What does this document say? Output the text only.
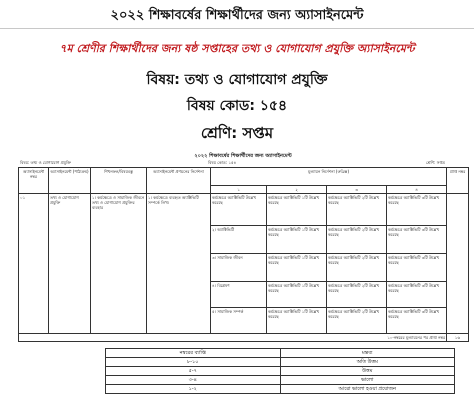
২০২২ শিক্ষাবর্ষের শিক্ষার্থীদের জন্য অ্যাসাইনমেন্ট
৭ম শ্রেণীর শিক্ষার্থীদের জন্য ষষ্ঠ সপ্তাহের তথ্য ও যোগাযোগ প্রযুক্তি অ্যাসাইনমেন্ট
বিষয়: তথ্য ও যোগাযোগ প্রযুক্তি
বিষয় কোড: ১৫৪
শ্রেণি: সপ্তম
২০২২ শিক্ষাবর্ষের শিক্ষার্থীদের জন্য অ্যাসাইনমেন্ট
বিষয়: তথ্য ও যোগাযোগ প্রযুক্তি	বিষয় কোড: ১৫৪	শ্রেণি: সপ্তম
অ্যাসাইনমেন্ট নম্বর	অ্যাসাইনমেন্ট (পাঠ্যক্রম)	শিখনফল/বিষয়বস্তু	অ্যাসাইনমেন্ট প্রণয়নের নির্দেশনা	মূল্যায়ন নির্দেশনা (রুব্রিক্স)				প্রাপ্ত নম্বর
				১	২	৩	৪	
০১	তথ্য ও যোগাযোগ প্রযুক্তি	১। কর্মক্ষেত্রে ও সামাজিক জীবনে তথ্য ও যোগাযোগ প্রযুক্তির ব্যবহার	১। কর্মক্ষেত্রে ব্যবহৃত অ্যাক্টিভিটি সম্পর্কে লিখ।	কর্মক্ষেত্রে অ্যাক্টিভিটি উল্লেখ করেছে	কর্মক্ষেত্রে অ্যাক্টিভিটি ১টি উল্লেখ করেছে	কর্মক্ষেত্রে অ্যাক্টিভিটি ২টি উল্লেখ করেছে	কর্মক্ষেত্রে অ্যাক্টিভিটি ৩টি উল্লেখ করেছে	
				২। অ্যাক্টিভিটি	কর্মক্ষেত্রে অ্যাক্টিভিটি ১টি উল্লেখ করেছে	কর্মক্ষেত্রে অ্যাক্টিভিটি ২টি উল্লেখ করেছে	কর্মক্ষেত্রে অ্যাক্টিভিটি ৩টি উল্লেখ করেছে	
				৩। সামাজিক জীবন	কর্মক্ষেত্রে অ্যাক্টিভিটি ১টি উল্লেখ করেছে	কর্মক্ষেত্রে অ্যাক্টিভিটি ২টি উল্লেখ করেছে	কর্মক্ষেত্রে অ্যাক্টিভিটি ৩টি উল্লেখ করেছে	
				৪। বিশ্লেষণ	কর্মক্ষেত্রে অ্যাক্টিভিটি ১টি উল্লেখ করেছে	কর্মক্ষেত্রে অ্যাক্টিভিটি ২টি উল্লেখ করেছে	কর্মক্ষেত্রে অ্যাক্টিভিটি ৩টি উল্লেখ করেছে	
				৫। সামাজিক সম্পর্ক	কর্মক্ষেত্রে অ্যাক্টিভিটি ১টি উল্লেখ করেছে	কর্মক্ষেত্রে অ্যাক্টিভিটি ২টি উল্লেখ করেছে	কর্মক্ষেত্রে অ্যাক্টিভিটি ৩টি উল্লেখ করেছে	
১০-নম্বরের মূল্যায়নের পর প্রাপ্ত নম্বর								১৬
নম্বরের ব্যাপ্তি	মন্তব্য
৮-১০	অতি উত্তম
৫-৭	উত্তম
৩-৪	ভালো
১-২	আরো ভালো হওয়া প্রয়োজন
